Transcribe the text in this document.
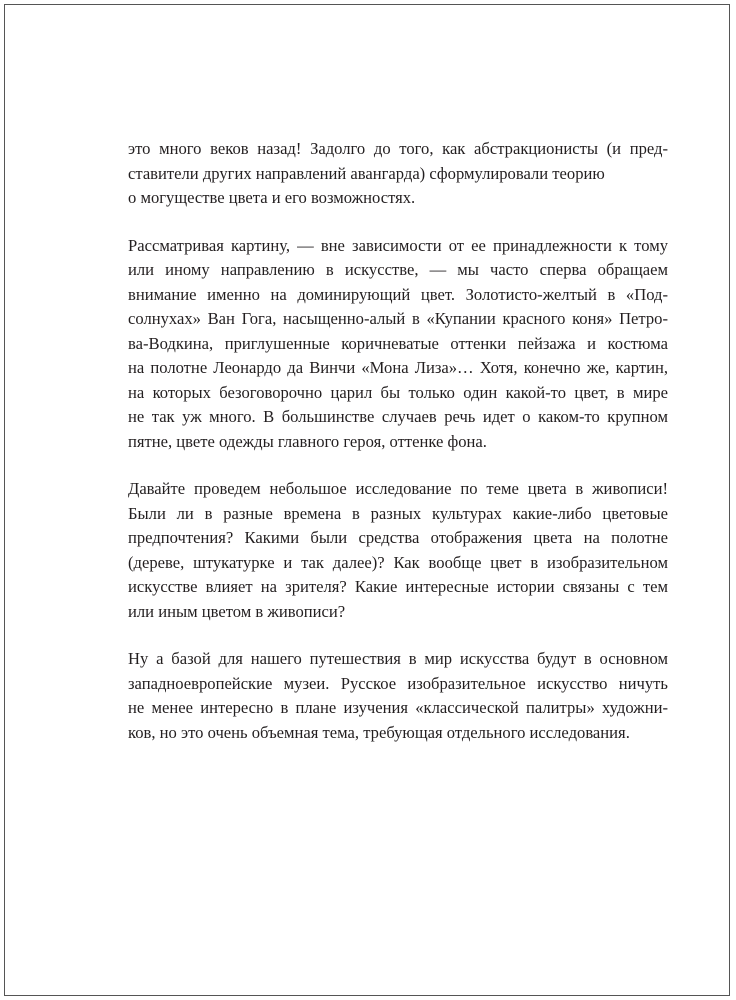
это много веков назад! Задолго до того, как абстракционисты (и пред-
ставители других направлений авангарда) сформулировали теорию
о могуществе цвета и его возможностях.

Рассматривая картину, — вне зависимости от ее принадлежности к тому
или иному направлению в искусстве, — мы часто сперва обращаем
внимание именно на доминирующий цвет. Золотисто-желтый в «Под-
солнухах» Ван Гога, насыщенно-алый в «Купании красного коня» Петро-
ва-Водкина, приглушенные коричневатые оттенки пейзажа и костюма
на полотне Леонардо да Винчи «Мона Лиза»… Хотя, конечно же, картин,
на которых безоговорочно царил бы только один какой-то цвет, в мире
не так уж много. В большинстве случаев речь идет о каком-то крупном
пятне, цвете одежды главного героя, оттенке фона.

Давайте проведем небольшое исследование по теме цвета в живописи!
Были ли в разные времена в разных культурах какие-либо цветовые
предпочтения? Какими были средства отображения цвета на полотне
(дереве, штукатурке и так далее)? Как вообще цвет в изобразительном
искусстве влияет на зрителя? Какие интересные истории связаны с тем
или иным цветом в живописи?

Ну а базой для нашего путешествия в мир искусства будут в основном
западноевропейские музеи. Русское изобразительное искусство ничуть
не менее интересно в плане изучения «классической палитры» художни-
ков, но это очень объемная тема, требующая отдельного исследования.
